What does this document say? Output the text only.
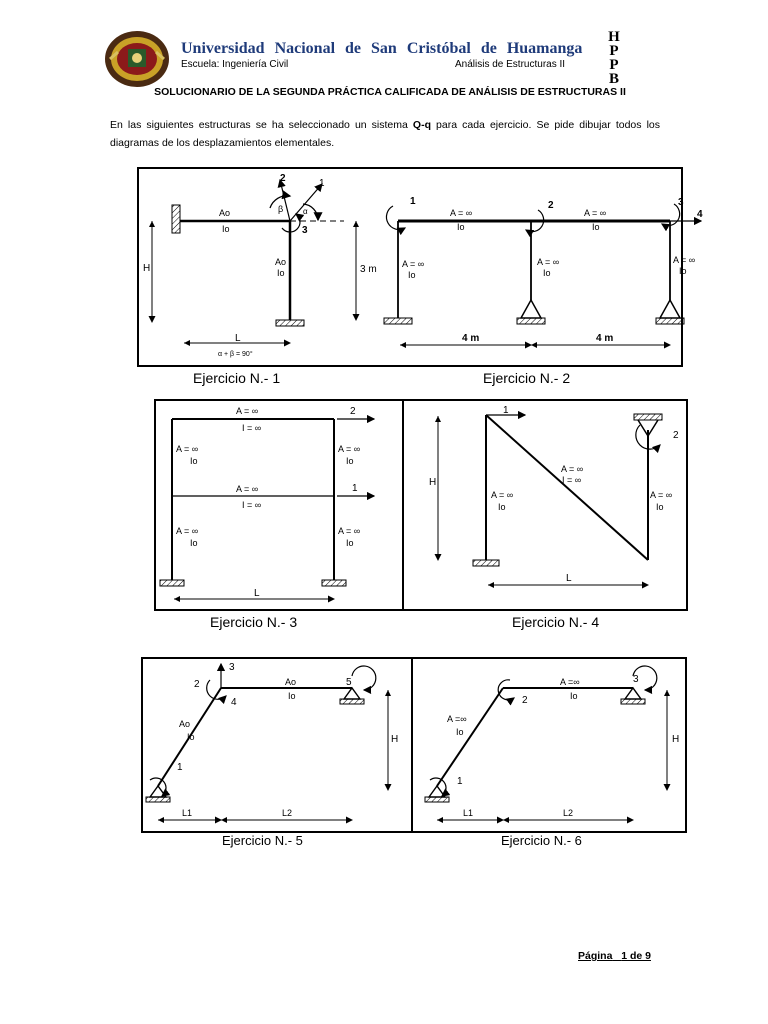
Universidad Nacional de San Cristóbal de Huamanga
Escuela: Ingeniería Civil	Análisis de Estructuras II
H
P
P
B
SOLUCIONARIO DE LA SEGUNDA PRÁCTICA CALIFICADA DE ANÁLISIS DE ESTRUCTURAS II
En las siguientes estructuras se ha seleccionado un sistema Q-q para cada ejercicio. Se pide dibujar todos los diagramas de los desplazamientos elementales.
Ao
Io
Ao
Io
H
L
2	1
3
β α
α + β = 90°
A = ∞
Io
A = ∞
Io
A = ∞
Io
A = ∞
Io
A = ∞
Io
1	2	3
4
3 m
4 m	4 m
Ejercicio N.- 1	Ejercicio N.- 2
A = ∞
I = ∞
A = ∞
I = ∞
A = ∞
Io
A = ∞
Io
A = ∞
Io
A = ∞
Io
2
1
L
1
2
H
A = ∞
I = ∞
A = ∞
Io
A = ∞
Io
L
Ejercicio N.- 3	Ejercicio N.- 4
3
2
4
5
1
Ao
Io
Ao
Io
H
L1	L2
2
3
1
A =∞
Io
A =∞
Io
H
L1	L2
Ejercicio N.- 5	Ejercicio N.- 6
Página 1 de 9
